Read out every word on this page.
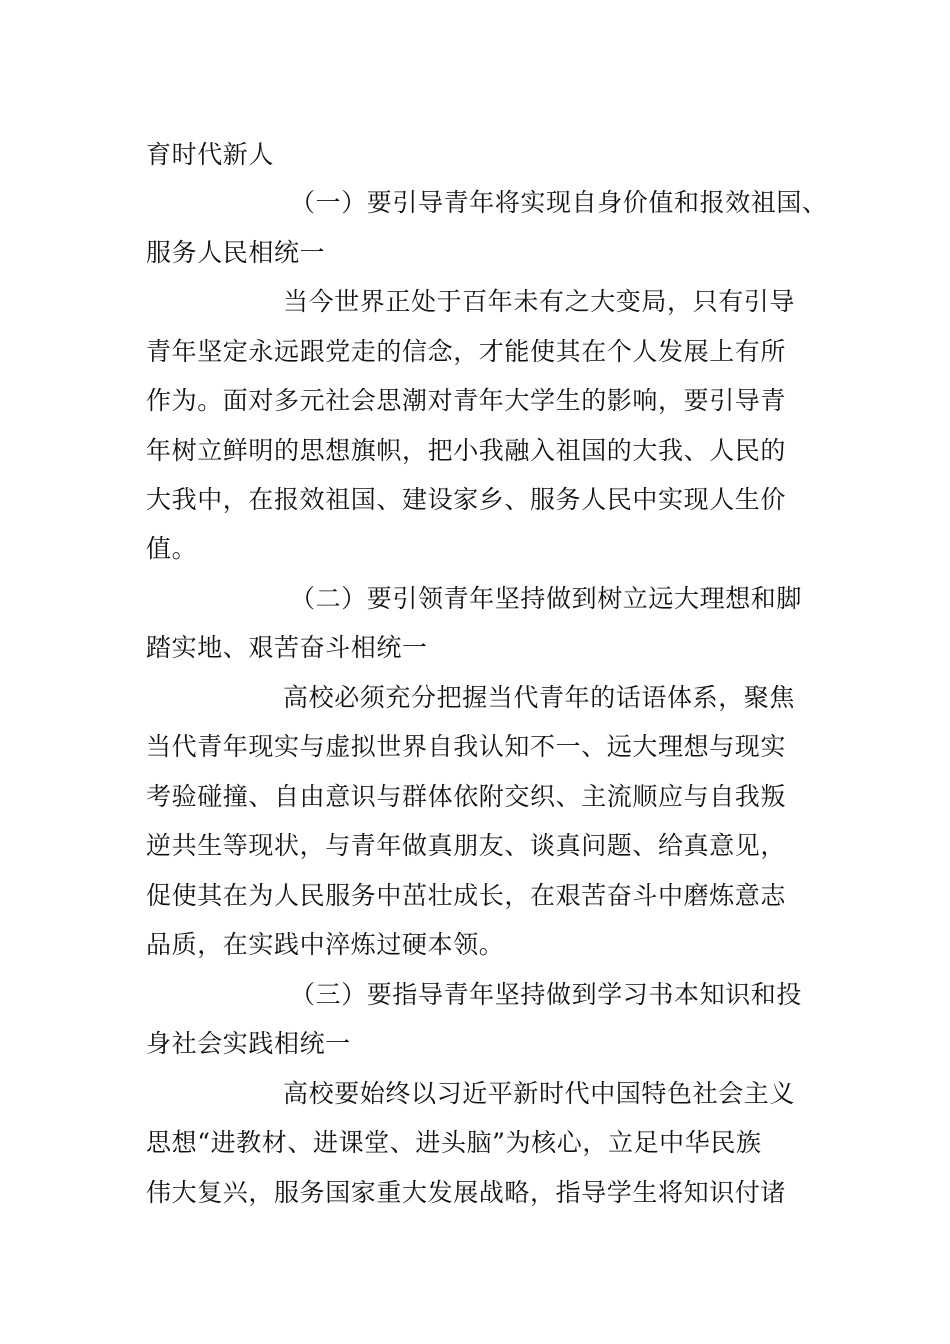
育时代新人
（一）要引导青年将实现自身价值和报效祖国、
服务人民相统一
当今世界正处于百年未有之大变局，只有引导
青年坚定永远跟党走的信念，才能使其在个人发展上有所
作为。面对多元社会思潮对青年大学生的影响，要引导青
年树立鲜明的思想旗帜，把小我融入祖国的大我、人民的
大我中，在报效祖国、建设家乡、服务人民中实现人生价
值。
（二）要引领青年坚持做到树立远大理想和脚
踏实地、艰苦奋斗相统一
高校必须充分把握当代青年的话语体系，聚焦
当代青年现实与虚拟世界自我认知不一、远大理想与现实
考验碰撞、自由意识与群体依附交织、主流顺应与自我叛
逆共生等现状，与青年做真朋友、谈真问题、给真意见，
促使其在为人民服务中茁壮成长，在艰苦奋斗中磨炼意志
品质，在实践中淬炼过硬本领。
（三）要指导青年坚持做到学习书本知识和投
身社会实践相统一
高校要始终以习近平新时代中国特色社会主义
思想“进教材、进课堂、进头脑”为核心，立足中华民族
伟大复兴，服务国家重大发展战略，指导学生将知识付诸
